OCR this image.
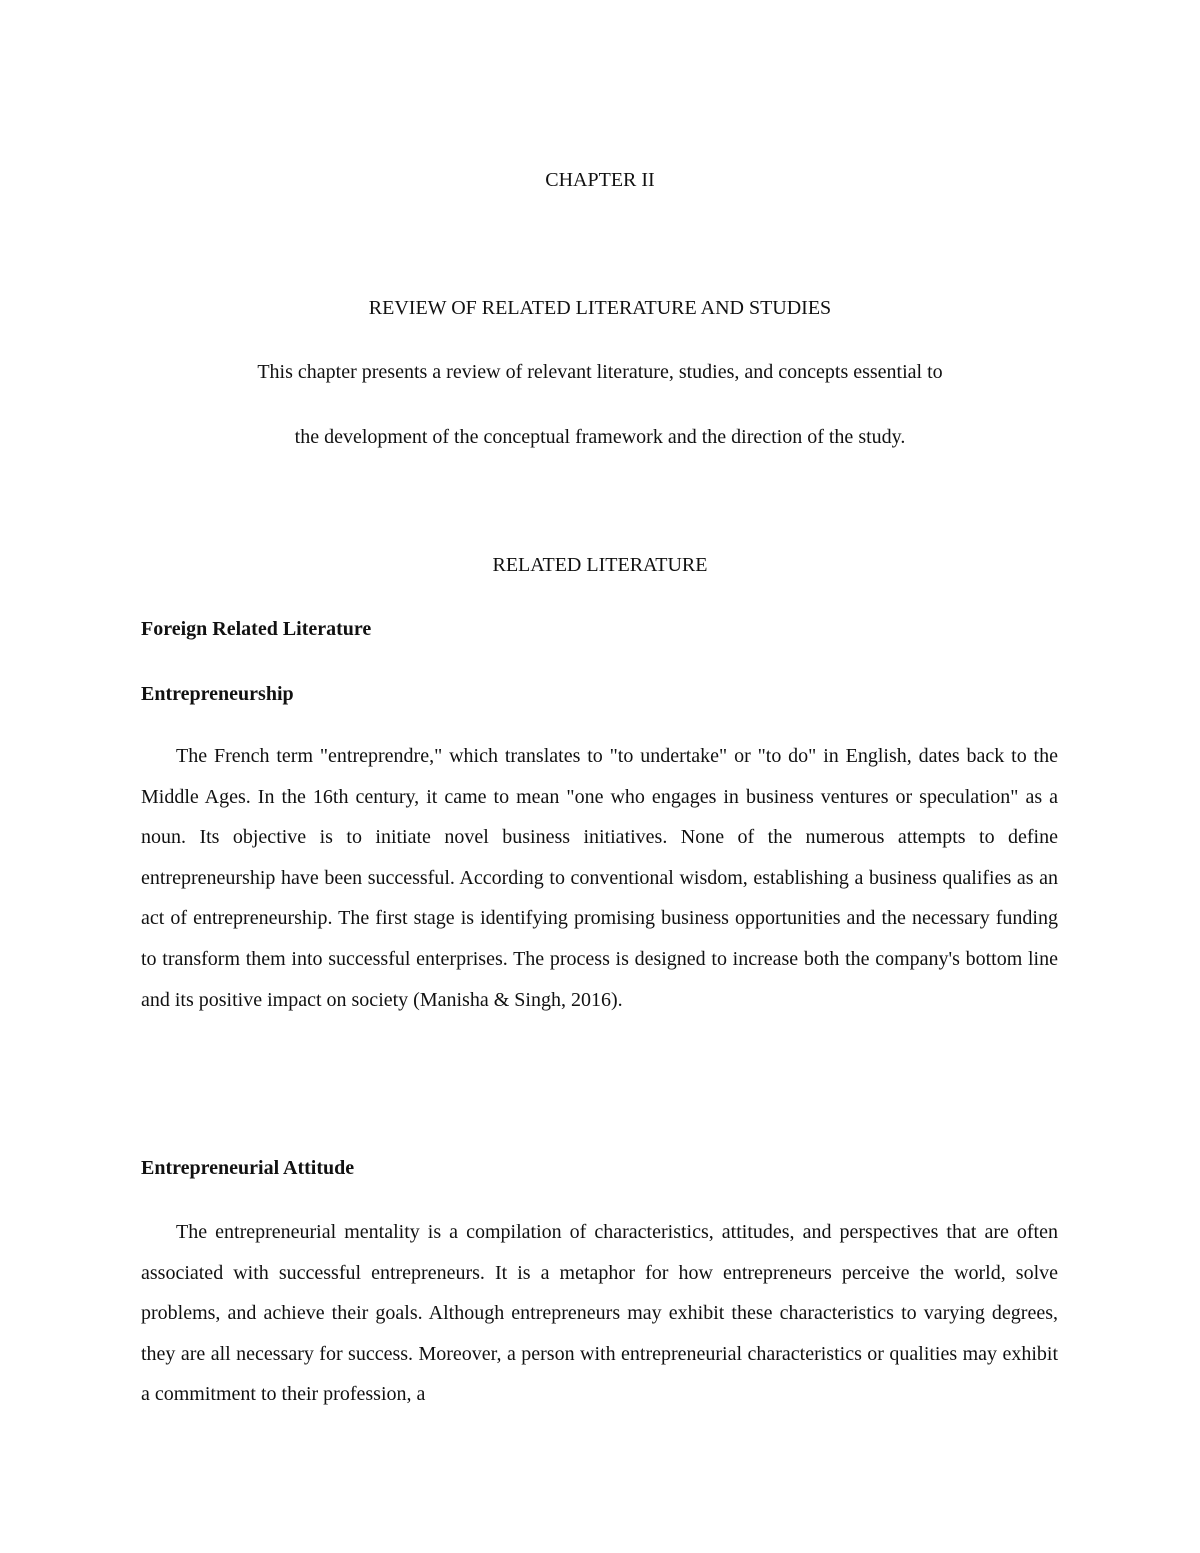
CHAPTER II

REVIEW OF RELATED LITERATURE AND STUDIES

This chapter presents a review of relevant literature, studies, and concepts essential to

the development of the conceptual framework and the direction of the study.

RELATED LITERATURE

Foreign Related Literature

Entrepreneurship

The French term "entreprendre," which translates to "to undertake" or "to do" in English, dates back to the Middle Ages. In the 16th century, it came to mean "one who engages in business ventures or speculation" as a noun. Its objective is to initiate novel business initiatives. None of the numerous attempts to define entrepreneurship have been successful. According to conventional wisdom, establishing a business qualifies as an act of entrepreneurship. The first stage is identifying promising business opportunities and the necessary funding to transform them into successful enterprises. The process is designed to increase both the company's bottom line and its positive impact on society (Manisha & Singh, 2016).

Entrepreneurial Attitude

The entrepreneurial mentality is a compilation of characteristics, attitudes, and perspectives that are often associated with successful entrepreneurs. It is a metaphor for how entrepreneurs perceive the world, solve problems, and achieve their goals. Although entrepreneurs may exhibit these characteristics to varying degrees, they are all necessary for success. Moreover, a person with entrepreneurial characteristics or qualities may exhibit a commitment to their profession, a
